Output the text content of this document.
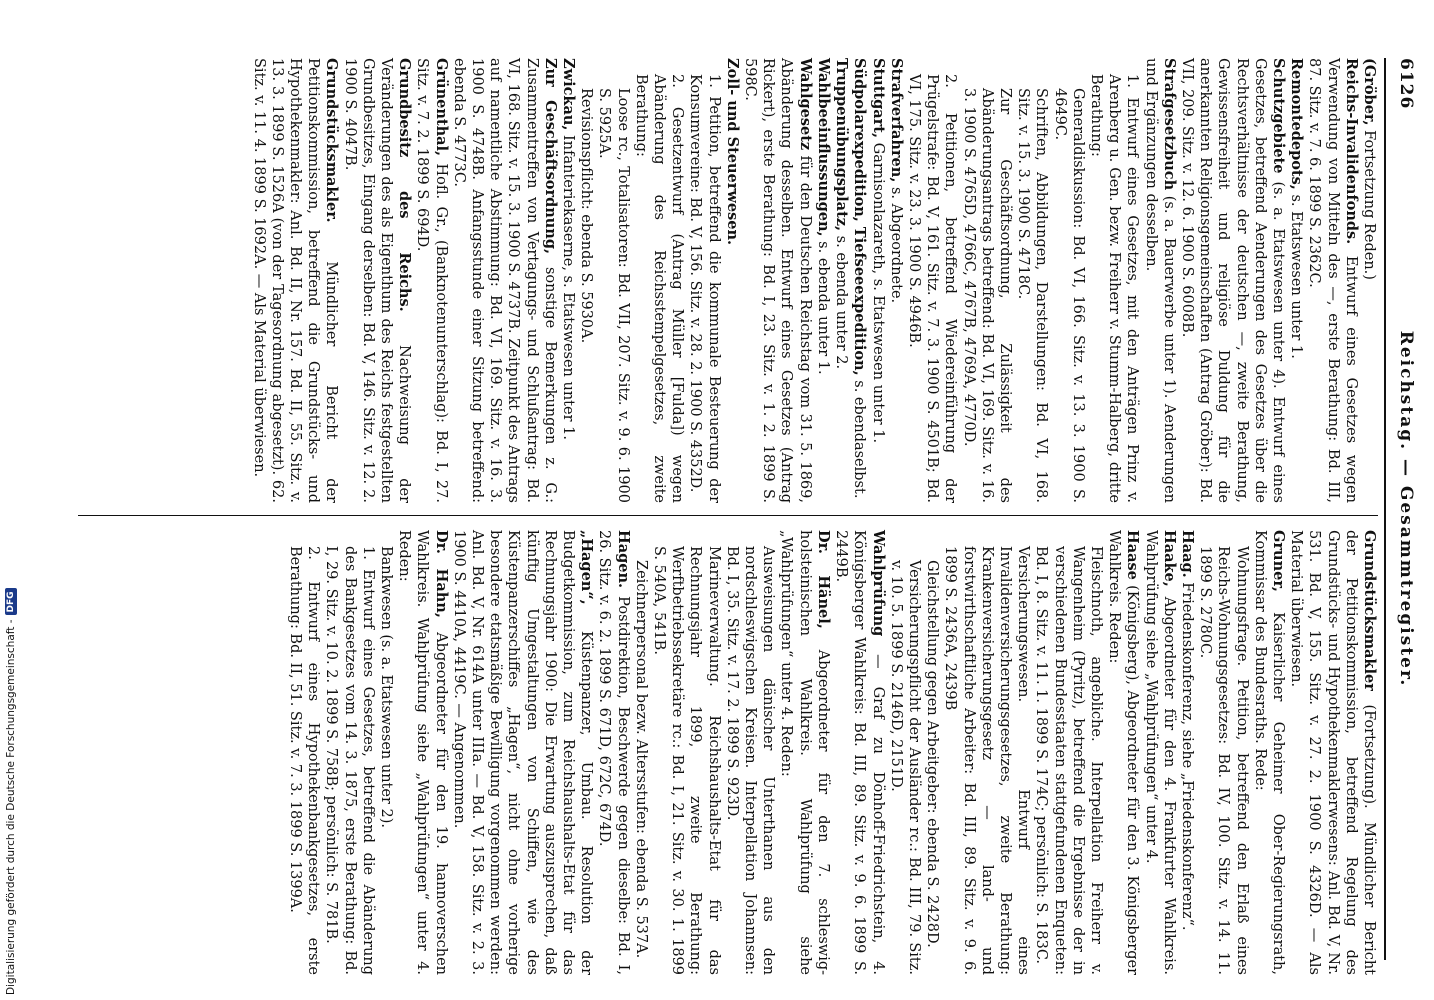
6126
Reichstag. — Gesammtregister.
(Gröber, Fortsetzung Reden.)
Reichs-Invalidenfonds. Entwurf eines Gesetzes wegen Verwendung von Mitteln des —, erste Berathung: Bd. III, 87. Sitz. v. 7. 6. 1899 S. 2362C.
Remontedepots, s. Etatswesen unter 1.
Schutzgebiete (s. a. Etatswesen unter 4). Entwurf eines Gesetzes, betreffend Aenderungen des Gesetzes über die Rechtsverhältnisse der deutschen —, zweite Berathung, Gewissensfreiheit und religiöse Duldung für die anerkannten Religionsgemeinschaften (Antrag Gröber): Bd. VII, 209. Sitz. v. 12. 6. 1900 S. 6008B.
Strafgesetzbuch (s. a. Bauerwerbe unter 1). Aenderungen und Ergänzungen desselben.
1. Entwurf eines Gesetzes, mit den Anträgen Prinz v. Arenberg u. Gen. bezw. Freiherr v. Stumm-Halberg, dritte Berathung:
Generaldiskussion: Bd. VI, 166. Sitz. v. 13. 3. 1900 S. 4649C.
Schriften, Abbildungen, Darstellungen: Bd. VI, 168. Sitz. v. 15. 3. 1900 S. 4718C.
Zur Geschäftsordnung, Zulässigkeit des Abänderungsantrags betreffend: Bd. VI, 169. Sitz. v. 16. 3. 1900 S. 4765D, 4766C, 4767B, 4769A, 4770D.
2. Petitionen, betreffend Wiedereinführung der Prügelstrafe: Bd. V, 161. Sitz. v. 7. 3. 1900 S. 4501B; Bd. VI, 175. Sitz. v. 23. 3. 1900 S. 4946B.
Strafverfahren, s. Abgeordnete.
Stuttgart, Garnisonlazareth, s. Etatswesen unter 1.
Südpolarexpedition, Tiefseeexpedition, s. ebendaselbst.
Truppenübungsplatz, s. ebenda unter 2.
Wahlbeeinflussungen, s. ebenda unter 1.
Wahlgesetz für den Deutschen Reichstag vom 31. 5. 1869, Abänderung desselben. Entwurf eines Gesetzes (Antrag Rickert), erste Berathung: Bd. I, 23. Sitz. v. 1. 2. 1899 S. 598C.
Zoll- und Steuerwesen.
1. Petition, betreffend die kommunale Besteuerung der Konsumvereine: Bd. V, 156. Sitz. v. 28. 2. 1900 S. 4352D.
2. Gesetzentwurf (Antrag Müller [Fulda]) wegen Abänderung des Reichsstempelgesetzes, zweite Berathung:
Loose rc., Totalisatoren: Bd. VII, 207. Sitz. v. 9. 6. 1900 S. 5925A.
Revisionspflicht: ebenda S. 5930A.
Zwickau, Infanteriekaserne, s. Etatswesen unter 1.
Zur Geschäftsordnung, sonstige Bemerkungen z. G.: Zusammentreffen von Vertagungs- und Schlußantrag: Bd. VI, 168. Sitz. v. 15. 3. 1900 S. 4737B. Zeitpunkt des Antrags auf namentliche Abstimmung: Bd. VI, 169. Sitz. v. 16. 3. 1900 S. 4748B. Anfangsstunde einer Sitzung betreffend: ebenda S. 4773C.
Grünenthal, Hofl. Gr., (Banknotenunterschlag): Bd. I, 27. Sitz. v. 7. 2. 1899 S. 694D.
Grundbesitz des Reichs. Nachweisung der Veränderungen des als Eigenthum des Reichs festgestellten Grundbesitzes, Eingang derselben: Bd. V, 146. Sitz. v. 12. 2. 1900 S. 4047B.
Grundstücksmakler. Mündlicher Bericht der Petitionskommission, betreffend die Grundstücks- und Hypothekenmakler: Anl. Bd. II, Nr. 157. Bd. II, 55. Sitz. v. 13. 3. 1899 S. 1526A (von der Tagesordnung abgesetzt). 62. Sitz. v. 11. 4. 1899 S. 1692A. — Als Material überwiesen.
Grundstücksmakler (Fortsetzung). Mündlicher Bericht der Petitionskommission, betreffend Regelung des Grundstücks- und Hypothekenmaklerwesens: Anl. Bd. V, Nr. 531. Bd. V, 155. Sitz. v. 27. 2. 1900 S. 4326D. — Als Material überwiesen.
Gruner, Kaiserlicher Geheimer Ober-Regierungsrath, Kommissar des Bundesraths. Rede:
Wohnungsfrage. Petition, betreffend den Erlaß eines Reichs-Wohnungsgesetzes: Bd. IV, 100. Sitz. v. 14. 11. 1899 S. 2780C.
Haag. Friedenskonferenz, siehe „Friedenskonferenz“.
Haake, Abgeordneter für den 4. Frankfurter Wahlkreis. Wahlprüfung siehe „Wahlprüfungen“ unter 4.
Haase (Königsberg), Abgeordneter für den 3. Königsberger Wahlkreis. Reden:
Fleischnoth, angebliche. Interpellation Freiherr v. Wangenheim (Pyritz), betreffend die Ergebnisse der in verschiedenen Bundesstaaten stattgefundenen Enqueten: Bd. I, 8. Sitz. v. 11. 1. 1899 S. 174C; persönlich: S. 183C.
Versicherungswesen. Entwurf eines Invalidenversicherungsgesetzes, zweite Berathung: Krankenversicherungsgesetz — land- und forstwirthschaftliche Arbeiter: Bd. III, 89. Sitz. v. 9. 6. 1899 S. 2436A, 2439B
Gleichstellung gegen Arbeitgeber: ebenda S. 2428D.
Versicherungspflicht der Ausländer rc.: Bd. III, 79. Sitz. v. 10. 5. 1899 S. 2146D, 2151D.
Wahlprüfung — Graf zu Dönhoff-Friedrichstein, 4. Königsberger Wahlkreis: Bd. III, 89. Sitz. v. 9. 6. 1899 S. 2449B.
Dr. Hänel, Abgeordneter für den 7. schleswig-holsteinischen Wahlkreis. Wahlprüfung siehe „Wahlprüfungen“ unter 4. Reden:
Ausweisungen dänischer Unterthanen aus den nordschleswigschen Kreisen. Interpellation Johannsen: Bd. I, 35. Sitz. v. 17. 2. 1899 S. 923D.
Marineverwaltung. Reichshaushalts-Etat für das Rechnungsjahr 1899, zweite Berathung: Werftbetriebssekretäre rc.: Bd. I, 21. Sitz. v. 30. 1. 1899 S. 540A, 541B.
Zeichnerpersonal bezw. Altersstufen: ebenda S. 537A.
Hagen. Postdirektion, Beschwerde gegen dieselbe: Bd. I, 26. Sitz. v. 6. 2. 1899 S. 671D, 672C, 674D.
„Hagen“, Küstenpanzer, Umbau. Resolution der Budgetkommission, zum Reichshaushalts-Etat für das Rechnungsjahr 1900: Die Erwartung auszusprechen, daß künftig Umgestaltungen von Schiffen, wie des Küstenpanzerschiffes „Hagen“, nicht ohne vorherige besondere etatsmäßige Bewilligung vorgenommen werden: Anl. Bd. V, Nr. 614A unter IIIa. — Bd. V, 158. Sitz. v. 2. 3. 1900 S. 4410A, 4419C. — Angenommen.
Dr. Hahn, Abgeordneter für den 19. hannoverschen Wahlkreis. Wahlprüfung siehe „Wahlprüfungen“ unter 4. Reden:
Bankwesen (s. a. Etatswesen unter 2).
1. Entwurf eines Gesetzes, betreffend die Abänderung des Bankgesetzes vom 14. 3. 1875, erste Berathung: Bd. I, 29. Sitz. v. 10. 2. 1899 S. 758B; persönlich: S. 781B.
2. Entwurf eines Hypothekenbankgesetzes, erste Berathung: Bd. II, 51. Sitz. v. 7. 3. 1899 S. 1399A.
Digitalisierung gefördert durch die Deutsche Forschungsgemeinschaft -
DFG
